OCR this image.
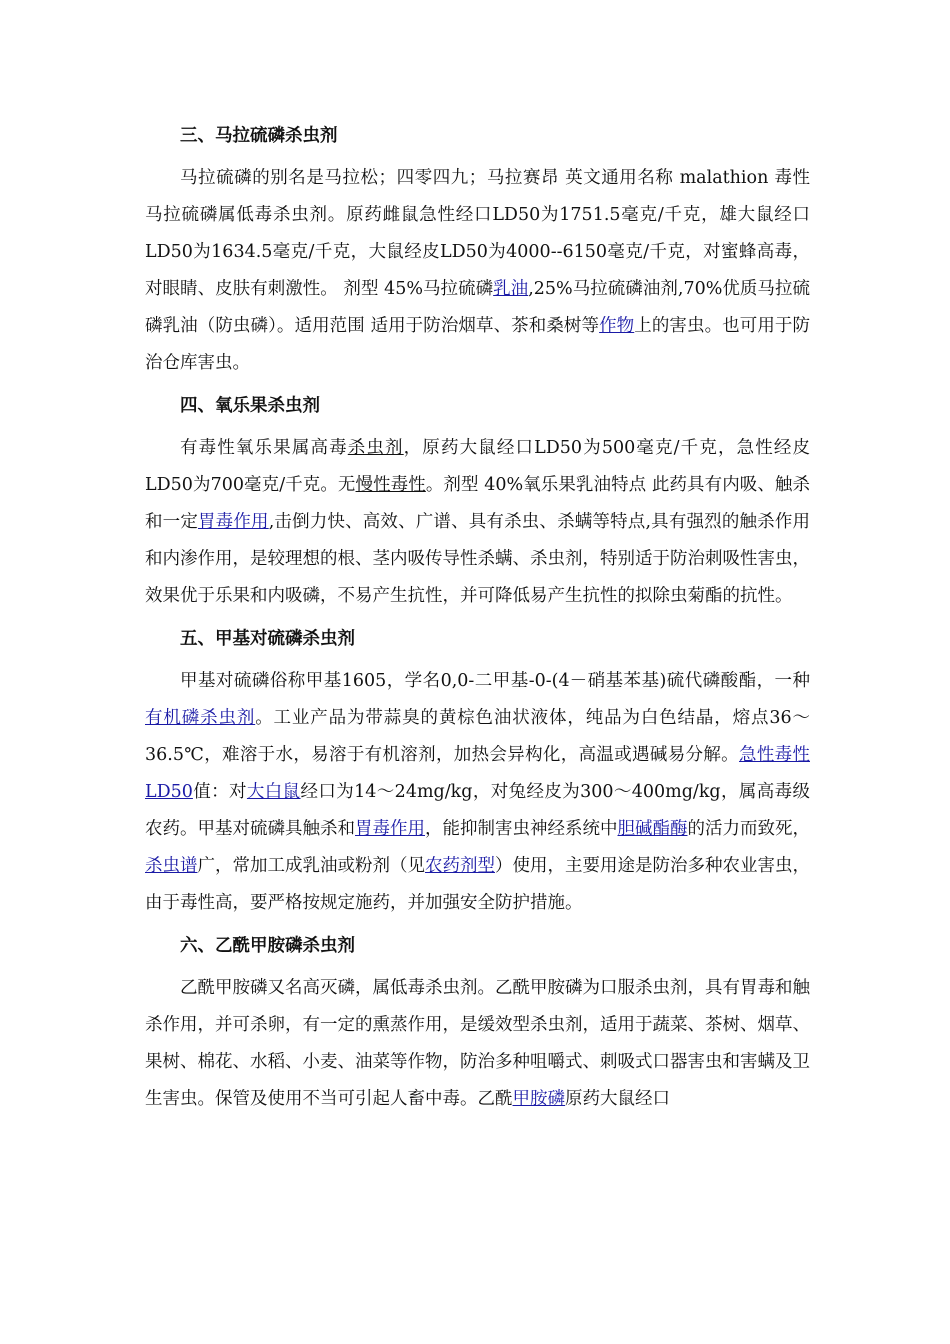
三、马拉硫磷杀虫剂

马拉硫磷的别名是马拉松；四零四九；马拉赛昂 英文通用名称 malathion 毒性 马拉硫磷属低毒杀虫剂。原药雌鼠急性经口LD50为1751.5毫克/千克，雄大鼠经口LD50为1634.5毫克/千克，大鼠经皮LD50为4000--6150毫克/千克，对蜜蜂高毒，对眼睛、皮肤有刺激性。 剂型 45%马拉硫磷乳油,25%马拉硫磷油剂,70%优质马拉硫磷乳油（防虫磷）。适用范围 适用于防治烟草、茶和桑树等作物上的害虫。也可用于防治仓库害虫。

四、氧乐果杀虫剂

有毒性氧乐果属高毒杀虫剂，原药大鼠经口LD50为500毫克/千克，急性经皮LD50为700毫克/千克。无慢性毒性。剂型 40%氧乐果乳油特点 此药具有内吸、触杀和一定胃毒作用,击倒力快、高效、广谱、具有杀虫、杀螨等特点,具有强烈的触杀作用和内渗作用，是较理想的根、茎内吸传导性杀螨、杀虫剂，特别适于防治刺吸性害虫，效果优于乐果和内吸磷，不易产生抗性，并可降低易产生抗性的拟除虫菊酯的抗性。

五、甲基对硫磷杀虫剂

甲基对硫磷俗称甲基1605，学名0,0-二甲基-0-(4－硝基苯基)硫代磷酸酯，一种有机磷杀虫剂。工业产品为带蒜臭的黄棕色油状液体，纯品为白色结晶，熔点36～36.5℃，难溶于水，易溶于有机溶剂，加热会异构化，高温或遇碱易分解。急性毒性LD50值：对大白鼠经口为14～24mg/kg，对兔经皮为300～400mg/kg，属高毒级农药。甲基对硫磷具触杀和胃毒作用，能抑制害虫神经系统中胆碱酯酶的活力而致死，杀虫谱广，常加工成乳油或粉剂（见农药剂型）使用，主要用途是防治多种农业害虫，由于毒性高，要严格按规定施药，并加强安全防护措施。

六、乙酰甲胺磷杀虫剂

乙酰甲胺磷又名高灭磷，属低毒杀虫剂。乙酰甲胺磷为口服杀虫剂，具有胃毒和触杀作用，并可杀卵，有一定的熏蒸作用，是缓效型杀虫剂，适用于蔬菜、茶树、烟草、果树、棉花、水稻、小麦、油菜等作物，防治多种咀嚼式、刺吸式口器害虫和害螨及卫生害虫。保管及使用不当可引起人畜中毒。乙酰甲胺磷原药大鼠经口
